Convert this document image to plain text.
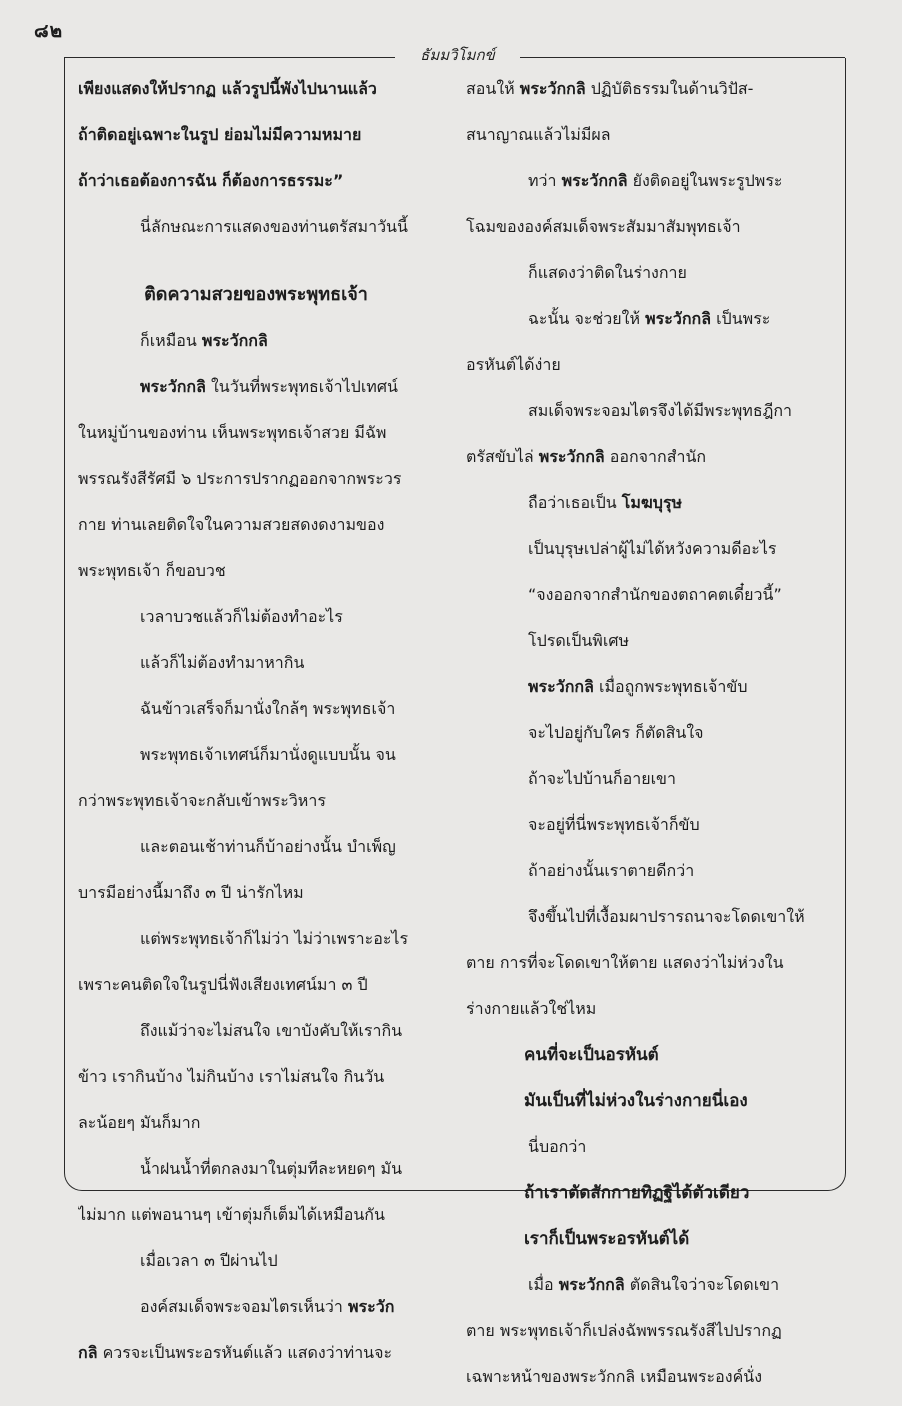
๘๒
ธัมมวิโมกข์
เพียงแสดงให้ปรากฏ แล้วรูปนี้พังไปนานแล้ว
ถ้าติดอยู่เฉพาะในรูป ย่อมไม่มีความหมาย
ถ้าว่าเธอต้องการฉัน ก็ต้องการธรรมะ”
นี่ลักษณะการแสดงของท่านตรัสมาวันนี้
ติดความสวยของพระพุทธเจ้า
ก็เหมือน พระวักกลิ
พระวักกลิ ในวันที่พระพุทธเจ้าไปเทศน์
ในหมู่บ้านของท่าน เห็นพระพุทธเจ้าสวย มีฉัพ
พรรณรังสีรัศมี ๖ ประการปรากฏออกจากพระวร
กาย ท่านเลยติดใจในความสวยสดงดงามของ
พระพุทธเจ้า ก็ขอบวช
เวลาบวชแล้วก็ไม่ต้องทำอะไร
แล้วก็ไม่ต้องทำมาหากิน
ฉันข้าวเสร็จก็มานั่งใกล้ๆ พระพุทธเจ้า
พระพุทธเจ้าเทศน์ก็มานั่งดูแบบนั้น จน
กว่าพระพุทธเจ้าจะกลับเข้าพระวิหาร
และตอนเช้าท่านก็บ้าอย่างนั้น บำเพ็ญ
บารมีอย่างนี้มาถึง ๓ ปี น่ารักไหม
แต่พระพุทธเจ้าก็ไม่ว่า ไม่ว่าเพราะอะไร
เพราะคนติดใจในรูปนี่ฟังเสียงเทศน์มา ๓ ปี
ถึงแม้ว่าจะไม่สนใจ เขาบังคับให้เรากิน
ข้าว เรากินบ้าง ไม่กินบ้าง เราไม่สนใจ กินวัน
ละน้อยๆ มันก็มาก
น้ำฝนน้ำที่ตกลงมาในตุ่มทีละหยดๆ มัน
ไม่มาก แต่พอนานๆ เข้าตุ่มก็เต็มได้เหมือนกัน
เมื่อเวลา ๓ ปีผ่านไป
องค์สมเด็จพระจอมไตรเห็นว่า พระวัก
กลิ ควรจะเป็นพระอรหันต์แล้ว แสดงว่าท่านจะ
สอนให้ พระวักกลิ ปฏิบัติธรรมในด้านวิปัส-
สนาญาณแล้วไม่มีผล
ทว่า พระวักกลิ ยังติดอยู่ในพระรูปพระ
โฉมขององค์สมเด็จพระสัมมาสัมพุทธเจ้า
ก็แสดงว่าติดในร่างกาย
ฉะนั้น จะช่วยให้ พระวักกลิ เป็นพระ
อรหันต์ได้ง่าย
สมเด็จพระจอมไตรจึงได้มีพระพุทธฎีกา
ตรัสขับไล่ พระวักกลิ ออกจากสำนัก
ถือว่าเธอเป็น โมฆบุรุษ
เป็นบุรุษเปล่าผู้ไม่ได้หวังความดีอะไร
“จงออกจากสำนักของตถาคตเดี๋ยวนี้”
โปรดเป็นพิเศษ
พระวักกลิ เมื่อถูกพระพุทธเจ้าขับ
จะไปอยู่กับใคร ก็ตัดสินใจ
ถ้าจะไปบ้านก็อายเขา
จะอยู่ที่นี่พระพุทธเจ้าก็ขับ
ถ้าอย่างนั้นเราตายดีกว่า
จึงขึ้นไปที่เงื้อมผาปรารถนาจะโดดเขาให้
ตาย การที่จะโดดเขาให้ตาย แสดงว่าไม่ห่วงใน
ร่างกายแล้วใช่ไหม
คนที่จะเป็นอรหันต์
มันเป็นที่ไม่ห่วงในร่างกายนี่เอง
นี่บอกว่า
ถ้าเราตัดสักกายทิฏฐิได้ตัวเดียว
เราก็เป็นพระอรหันต์ได้
เมื่อ พระวักกลิ ตัดสินใจว่าจะโดดเขา
ตาย พระพุทธเจ้าก็เปล่งฉัพพรรณรังสีไปปรากฏ
เฉพาะหน้าของพระวักกลิ เหมือนพระองค์นั่ง
